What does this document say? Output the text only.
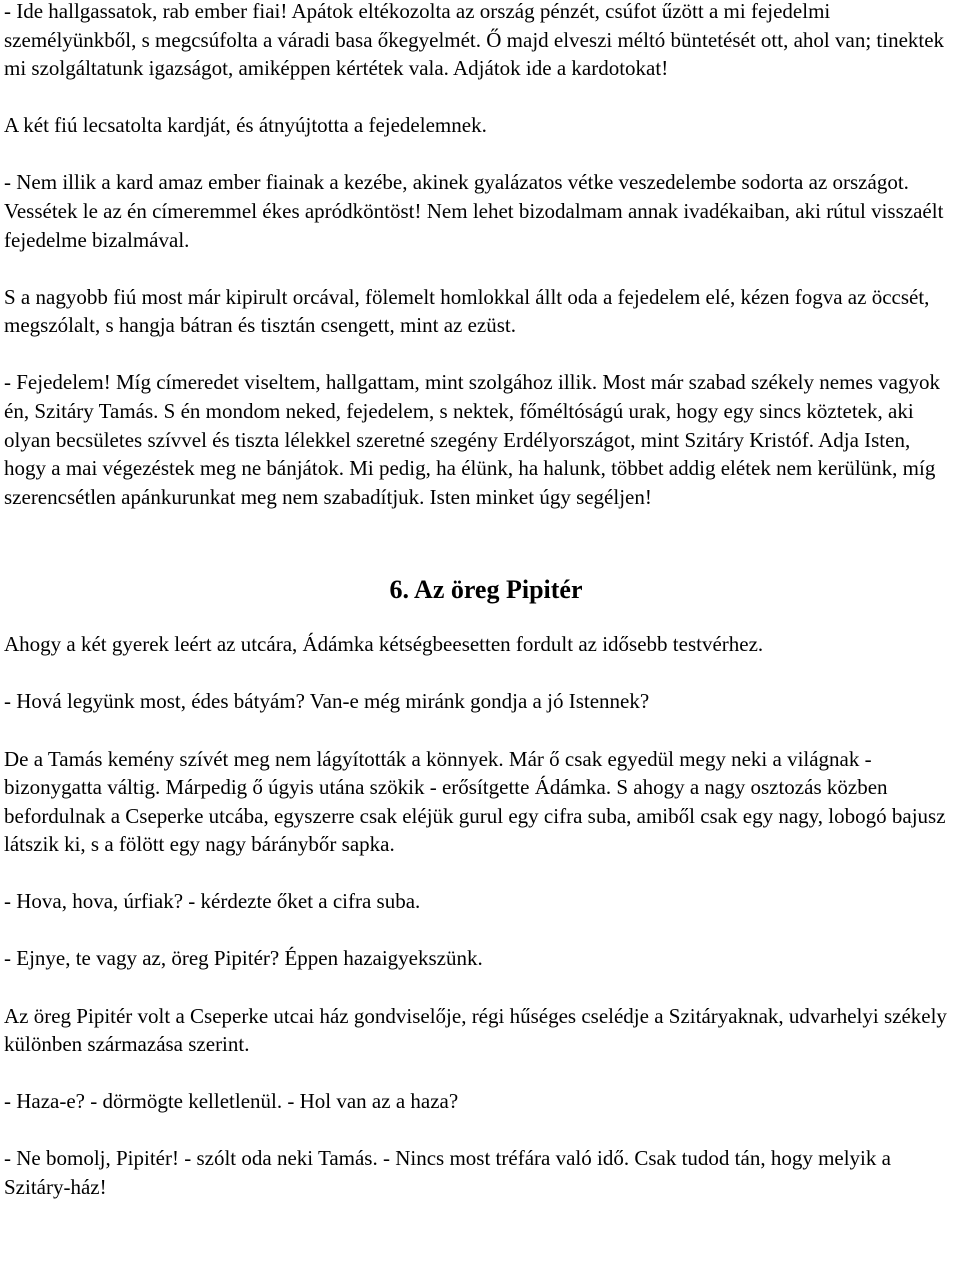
- Ide hallgassatok, rab ember fiai! Apátok eltékozolta az ország pénzét, csúfot űzött a mi fejedelmi személyünkből, s megcsúfolta a váradi basa őkegyelmét. Ő majd elveszi méltó büntetését ott, ahol van; tinektek mi szolgáltatunk igazságot, amiképpen kértétek vala. Adjátok ide a kardotokat!

A két fiú lecsatolta kardját, és átnyújtotta a fejedelemnek.

- Nem illik a kard amaz ember fiainak a kezébe, akinek gyalázatos vétke veszedelembe sodorta az országot. Vessétek le az én címeremmel ékes apródköntöst! Nem lehet bizodalmam annak ivadékaiban, aki rútul visszaélt fejedelme bizalmával.

S a nagyobb fiú most már kipirult orcával, fölemelt homlokkal állt oda a fejedelem elé, kézen fogva az öccsét, megszólalt, s hangja bátran és tisztán csengett, mint az ezüst.

- Fejedelem! Míg címeredet viseltem, hallgattam, mint szolgához illik. Most már szabad székely nemes vagyok én, Szitáry Tamás. S én mondom neked, fejedelem, s nektek, főméltóságú urak, hogy egy sincs köztetek, aki olyan becsületes szívvel és tiszta lélekkel szeretné szegény Erdélyországot, mint Szitáry Kristóf. Adja Isten, hogy a mai végezéstek meg ne bánjátok. Mi pedig, ha élünk, ha halunk, többet addig elétek nem kerülünk, míg szerencsétlen apánkurunkat meg nem szabadítjuk. Isten minket úgy segéljen!

6. Az öreg Pipitér

Ahogy a két gyerek leért az utcára, Ádámka kétségbeesetten fordult az idősebb testvérhez.

- Hová legyünk most, édes bátyám? Van-e még miránk gondja a jó Istennek?

De a Tamás kemény szívét meg nem lágyították a könnyek. Már ő csak egyedül megy neki a világnak - bizonygatta váltig. Márpedig ő úgyis utána szökik - erősítgette Ádámka. S ahogy a nagy osztozás közben befordulnak a Cseperke utcába, egyszerre csak eléjük gurul egy cifra suba, amiből csak egy nagy, lobogó bajusz látszik ki, s a fölött egy nagy báránybőr sapka.

- Hova, hova, úrfiak? - kérdezte őket a cifra suba.

- Ejnye, te vagy az, öreg Pipitér? Éppen hazaigyekszünk.

Az öreg Pipitér volt a Cseperke utcai ház gondviselője, régi hűséges cselédje a Szitáryaknak, udvarhelyi székely különben származása szerint.

- Haza-e? - dörmögte kelletlenül. - Hol van az a haza?

- Ne bomolj, Pipitér! - szólt oda neki Tamás. - Nincs most tréfára való idő. Csak tudod tán, hogy melyik a Szitáry-ház!
